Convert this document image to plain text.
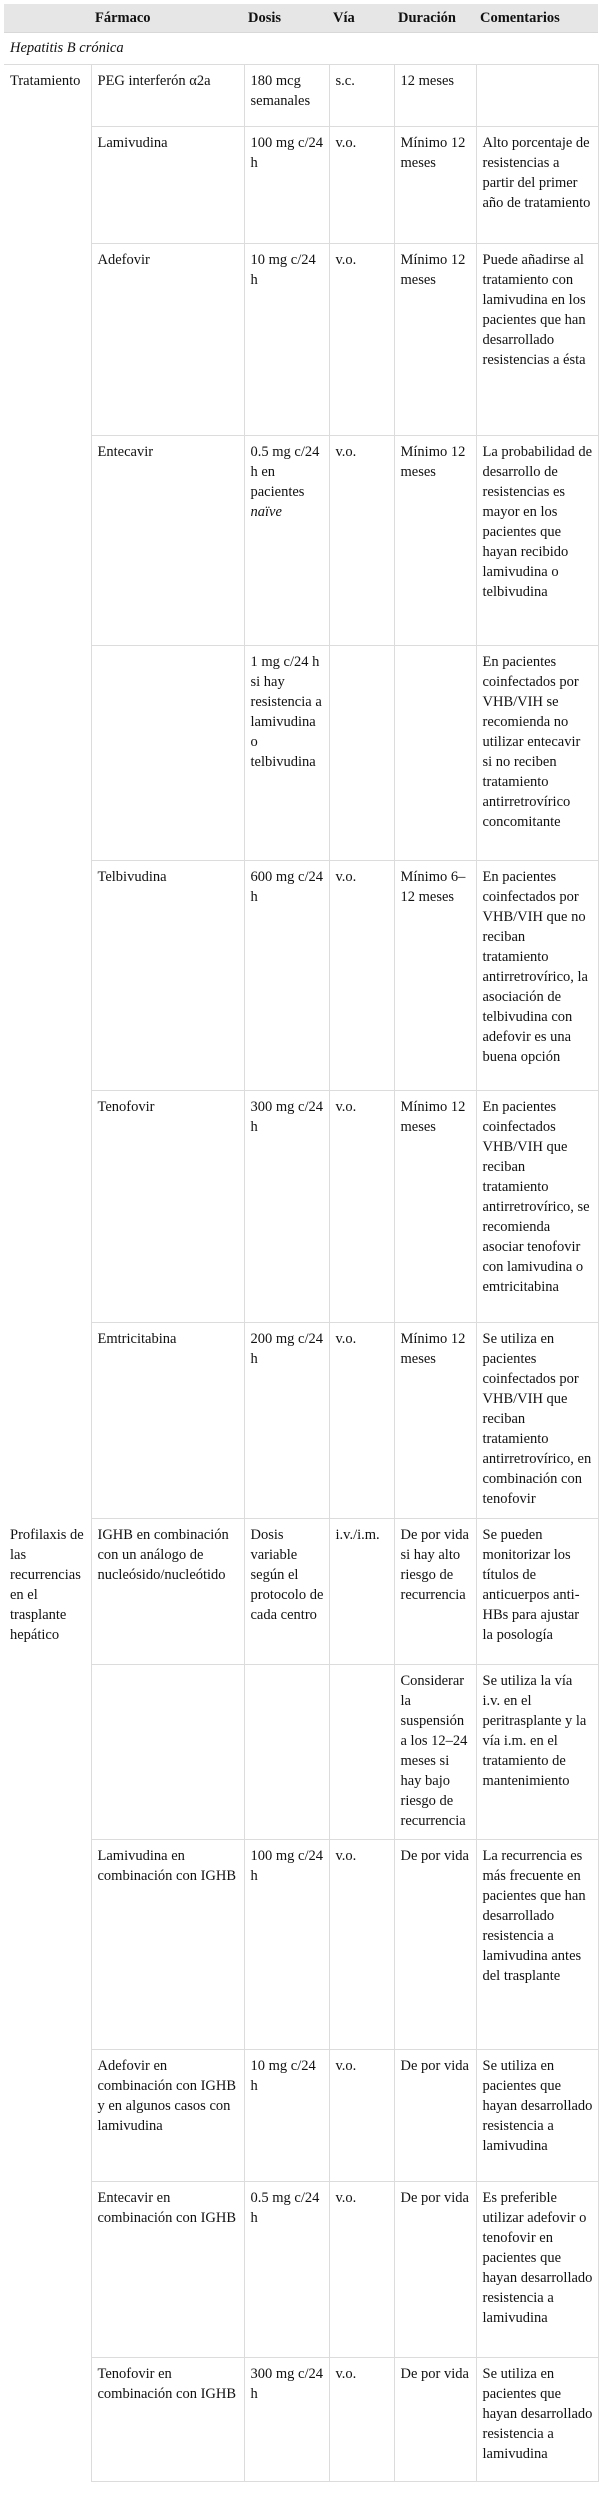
	Fármaco	Dosis	Vía	Duración	Comentarios
Hepatitis B crónica					
Tratamiento	PEG interferón α2a	180 mcg semanales	s.c.	12 meses	
	Lamivudina	100 mg c/24 h	v.o.	Mínimo 12 meses	Alto porcentaje de resistencias a partir del primer año de tratamiento
	Adefovir	10 mg c/24 h	v.o.	Mínimo 12 meses	Puede añadirse al tratamiento con lamivudina en los pacientes que han desarrollado resistencias a ésta
	Entecavir	0.5 mg c/24 h en pacientes naïve	v.o.	Mínimo 12 meses	La probabilidad de desarrollo de resistencias es mayor en los pacientes que hayan recibido lamivudina o telbivudina
		1 mg c/24 h si hay resistencia a lamivudina o telbivudina			En pacientes coinfectados por VHB/VIH se recomienda no utilizar entecavir si no reciben tratamiento antirretrovírico concomitante
	Telbivudina	600 mg c/24 h	v.o.	Mínimo 6–12 meses	En pacientes coinfectados por VHB/VIH que no reciban tratamiento antirretrovírico, la asociación de telbivudina con adefovir es una buena opción
	Tenofovir	300 mg c/24 h	v.o.	Mínimo 12 meses	En pacientes coinfectados VHB/VIH que reciban tratamiento antirretrovírico, se recomienda asociar tenofovir con lamivudina o emtricitabina
	Emtricitabina	200 mg c/24 h	v.o.	Mínimo 12 meses	Se utiliza en pacientes coinfectados por VHB/VIH que reciban tratamiento antirretrovírico, en combinación con tenofovir
Profilaxis de las recurrencias en el trasplante hepático	IGHB en combinación con un análogo de nucleósido/nucleótido	Dosis variable según el protocolo de cada centro	i.v./i.m.	De por vida si hay alto riesgo de recurrencia	Se pueden monitorizar los títulos de anticuerpos anti-HBs para ajustar la posología
				Considerar la suspensión a los 12–24 meses si hay bajo riesgo de recurrencia	Se utiliza la vía i.v. en el peritrasplante y la vía i.m. en el tratamiento de mantenimiento
	Lamivudina en combinación con IGHB	100 mg c/24 h	v.o.	De por vida	La recurrencia es más frecuente en pacientes que han desarrollado resistencia a lamivudina antes del trasplante
	Adefovir en combinación con IGHB y en algunos casos con lamivudina	10 mg c/24 h	v.o.	De por vida	Se utiliza en pacientes que hayan desarrollado resistencia a lamivudina
	Entecavir en combinación con IGHB	0.5 mg c/24 h	v.o.	De por vida	Es preferible utilizar adefovir o tenofovir en pacientes que hayan desarrollado resistencia a lamivudina
	Tenofovir en combinación con IGHB	300 mg c/24 h	v.o.	De por vida	Se utiliza en pacientes que hayan desarrollado resistencia a lamivudina
